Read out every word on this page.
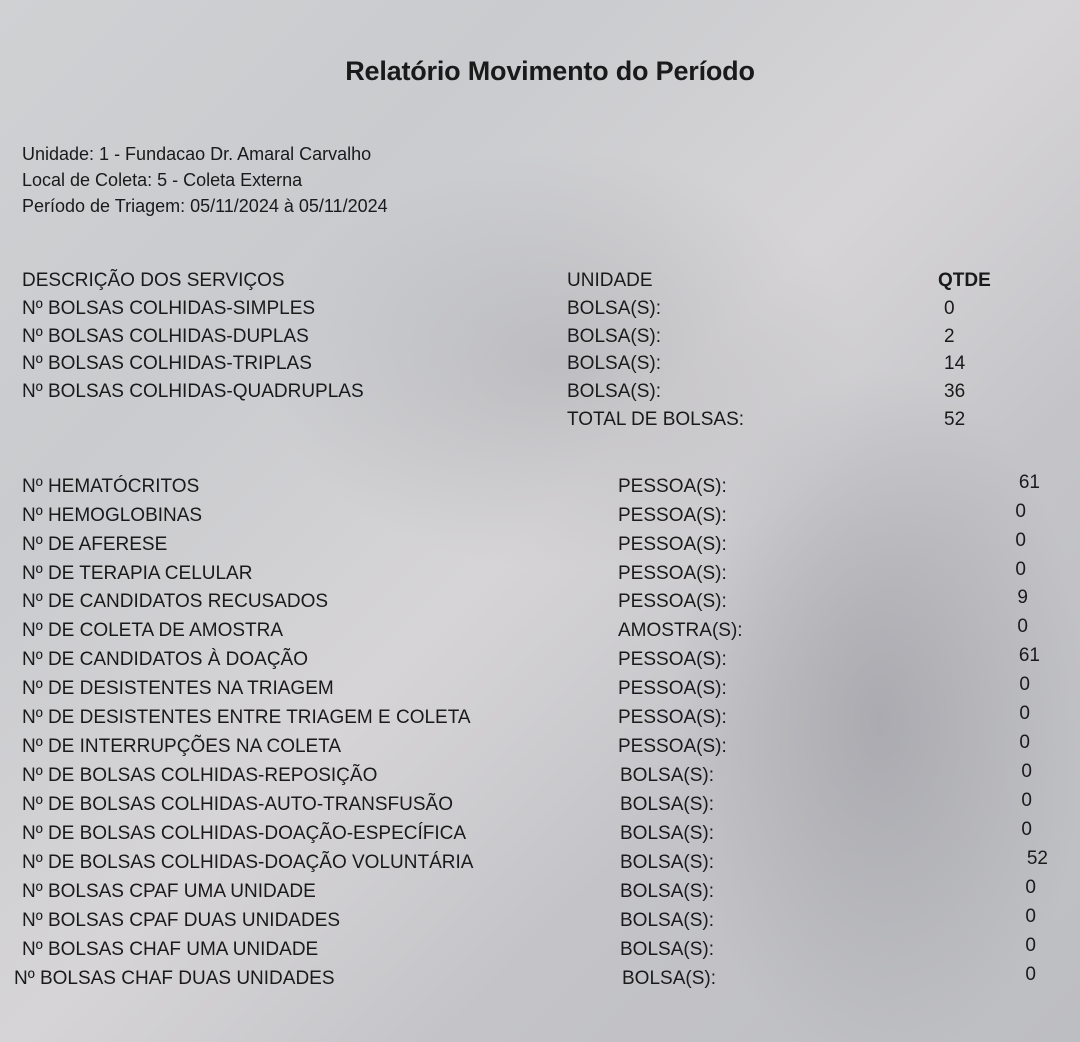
Relatório Movimento do Período
Unidade: 1 - Fundacao Dr. Amaral Carvalho
Local de Coleta: 5 - Coleta Externa
Período de Triagem: 05/11/2024 à 05/11/2024
DESCRIÇÃO DOS SERVIÇOS	UNIDADE	QTDE
Nº BOLSAS COLHIDAS-SIMPLES	BOLSA(S):	0
Nº BOLSAS COLHIDAS-DUPLAS	BOLSA(S):	2
Nº BOLSAS COLHIDAS-TRIPLAS	BOLSA(S):	14
Nº BOLSAS COLHIDAS-QUADRUPLAS	BOLSA(S):	36
TOTAL DE BOLSAS:	52
Nº HEMATÓCRITOS	PESSOA(S):	61
Nº HEMOGLOBINAS	PESSOA(S):	0
Nº DE AFERESE	PESSOA(S):	0
Nº DE TERAPIA CELULAR	PESSOA(S):	0
Nº DE CANDIDATOS RECUSADOS	PESSOA(S):	9
Nº DE COLETA DE AMOSTRA	AMOSTRA(S):	0
Nº DE CANDIDATOS À DOAÇÃO	PESSOA(S):	61
Nº DE DESISTENTES NA TRIAGEM	PESSOA(S):	0
Nº DE DESISTENTES ENTRE TRIAGEM E COLETA	PESSOA(S):	0
Nº DE INTERRUPÇÕES NA COLETA	PESSOA(S):	0
Nº DE BOLSAS COLHIDAS-REPOSIÇÃO	BOLSA(S):	0
Nº DE BOLSAS COLHIDAS-AUTO-TRANSFUSÃO	BOLSA(S):	0
Nº DE BOLSAS COLHIDAS-DOAÇÃO-ESPECÍFICA	BOLSA(S):	0
Nº DE BOLSAS COLHIDAS-DOAÇÃO VOLUNTÁRIA	BOLSA(S):	52
Nº BOLSAS CPAF UMA UNIDADE	BOLSA(S):	0
Nº BOLSAS CPAF DUAS UNIDADES	BOLSA(S):	0
Nº BOLSAS CHAF UMA UNIDADE	BOLSA(S):	0
Nº BOLSAS CHAF DUAS UNIDADES	BOLSA(S):	0
